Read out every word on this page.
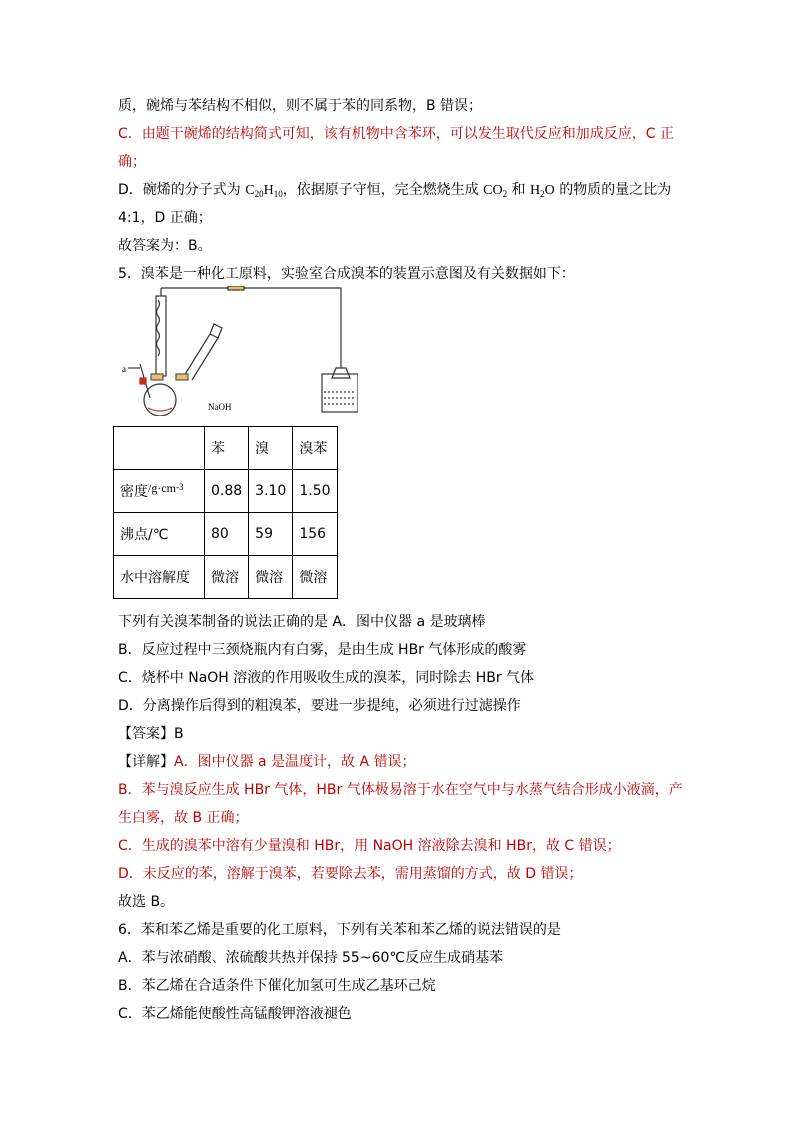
质，碗烯与苯结构不相似，则不属于苯的同系物，B 错误；
C．由题干碗烯的结构简式可知，该有机物中含苯环，可以发生取代反应和加成反应，C 正
确；
D．碗烯的分子式为 $C_{20}H_{10}$，依据原子守恒，完全燃烧生成 $CO_2$ 和 $H_2O$ 的物质的量之比为
4:1，D 正确；
故答案为：B。
5．溴苯是一种化工原料，实验室合成溴苯的装置示意图及有关数据如下：
a
NaOH
	苯	溴	溴苯
密度$/g\cdot cm^{-3}$	0.88	3.10	1.50
沸点/℃	80	59	156
水中溶解度	微溶	微溶	微溶
下列有关溴苯制备的说法正确的是 A．图中仪器 a 是玻璃棒
B．反应过程中三颈烧瓶内有白雾，是由生成 HBr 气体形成的酸雾
C．烧杯中 NaOH 溶液的作用吸收生成的溴苯，同时除去 HBr 气体
D．分离操作后得到的粗溴苯，要进一步提纯，必须进行过滤操作
【答案】B
【详解】A．图中仪器 a 是温度计，故 A 错误；
B．苯与溴反应生成 HBr 气体，HBr 气体极易溶于水在空气中与水蒸气结合形成小液滴，产
生白雾，故 B 正确；
C．生成的溴苯中溶有少量溴和 HBr，用 NaOH 溶液除去溴和 HBr，故 C 错误；
D．未反应的苯，溶解于溴苯，若要除去苯，需用蒸馏的方式，故 D 错误；
故选 B。
6．苯和苯乙烯是重要的化工原料，下列有关苯和苯乙烯的说法错误的是
A．苯与浓硝酸、浓硫酸共热并保持 55~60℃反应生成硝基苯
B．苯乙烯在合适条件下催化加氢可生成乙基环己烷
C．苯乙烯能使酸性高锰酸钾溶液褪色
